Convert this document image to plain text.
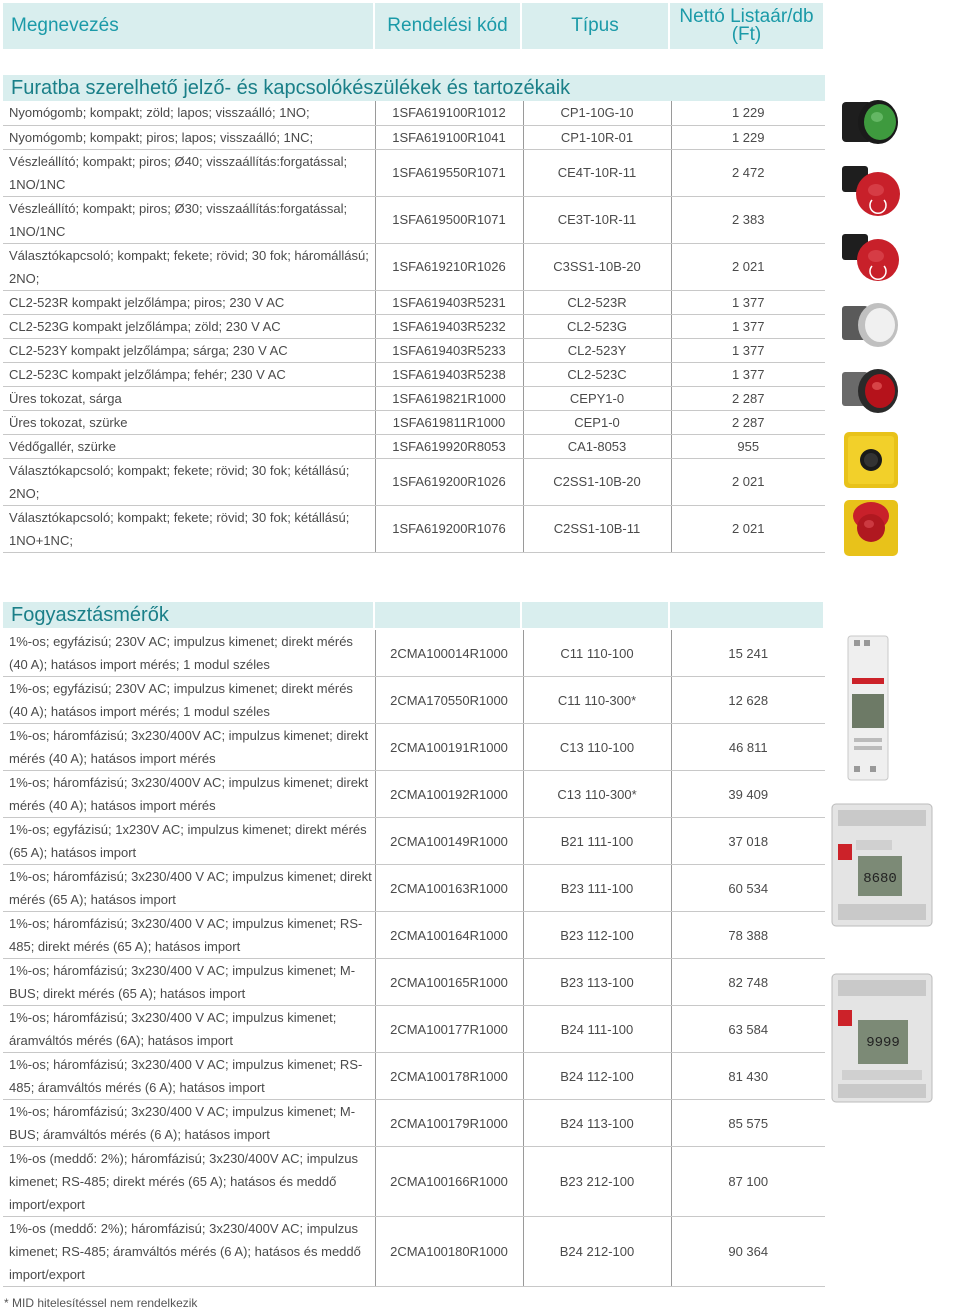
Megnevezés	Rendelési kód	Típus	Nettó Listaár/db (Ft)
Furatba szerelhető jelző- és kapcsolókészülékek és tartozékaik
Nyomógomb; kompakt; zöld; lapos; visszaálló; 1NO;	1SFA619100R1012	CP1-10G-10	1 229
Nyomógomb; kompakt; piros; lapos; visszaálló; 1NC;	1SFA619100R1041	CP1-10R-01	1 229
Vészleállító; kompakt; piros; Ø40; visszaállítás:forgatással; 1NO/1NC	1SFA619550R1071	CE4T-10R-11	2 472
Vészleállító; kompakt; piros; Ø30; visszaállítás:forgatással; 1NO/1NC	1SFA619500R1071	CE3T-10R-11	2 383
Választókapcsoló; kompakt; fekete; rövid; 30 fok; háromállású; 2NO;	1SFA619210R1026	C3SS1-10B-20	2 021
CL2-523R kompakt jelzőlámpa; piros; 230 V AC	1SFA619403R5231	CL2-523R	1 377
CL2-523G kompakt jelzőlámpa; zöld; 230 V AC	1SFA619403R5232	CL2-523G	1 377
CL2-523Y kompakt jelzőlámpa; sárga; 230 V AC	1SFA619403R5233	CL2-523Y	1 377
CL2-523C kompakt jelzőlámpa; fehér; 230 V AC	1SFA619403R5238	CL2-523C	1 377
Üres tokozat, sárga	1SFA619821R1000	CEPY1-0	2 287
Üres tokozat, szürke	1SFA619811R1000	CEP1-0	2 287
Védőgallér, szürke	1SFA619920R8053	CA1-8053	955
Választókapcsoló; kompakt; fekete; rövid; 30 fok; kétállású; 2NO;	1SFA619200R1026	C2SS1-10B-20	2 021
Választókapcsoló; kompakt; fekete; rövid; 30 fok; kétállású; 1NO+1NC;	1SFA619200R1076	C2SS1-10B-11	2 021
Fogyasztásmérők
1%-os; egyfázisú; 230V AC; impulzus kimenet; direkt mérés (40 A); hatásos import mérés; 1 modul széles	2CMA100014R1000	C11 110-100	15 241
1%-os; egyfázisú; 230V AC; impulzus kimenet; direkt mérés (40 A); hatásos import mérés; 1 modul széles	2CMA170550R1000	C11 110-300*	12 628
1%-os; háromfázisú; 3x230/400V AC; impulzus kimenet; direkt mérés (40 A); hatásos import mérés	2CMA100191R1000	C13 110-100	46 811
1%-os; háromfázisú; 3x230/400V AC; impulzus kimenet; direkt mérés (40 A); hatásos import mérés	2CMA100192R1000	C13 110-300*	39 409
1%-os; egyfázisú; 1x230V AC; impulzus kimenet; direkt mérés (65 A); hatásos import	2CMA100149R1000	B21 111-100	37 018
1%-os; háromfázisú; 3x230/400 V AC; impulzus kimenet; direkt mérés (65 A); hatásos import	2CMA100163R1000	B23 111-100	60 534
1%-os; háromfázisú; 3x230/400 V AC; impulzus kimenet; RS-485; direkt mérés (65 A); hatásos import	2CMA100164R1000	B23 112-100	78 388
1%-os; háromfázisú; 3x230/400 V AC; impulzus kimenet; M-BUS; direkt mérés (65 A); hatásos import	2CMA100165R1000	B23 113-100	82 748
1%-os; háromfázisú; 3x230/400 V AC; impulzus kimenet; áramváltós mérés (6A); hatásos import	2CMA100177R1000	B24 111-100	63 584
1%-os; háromfázisú; 3x230/400 V AC; impulzus kimenet; RS-485; áramváltós mérés (6 A); hatásos import	2CMA100178R1000	B24 112-100	81 430
1%-os; háromfázisú; 3x230/400 V AC; impulzus kimenet; M-BUS; áramváltós mérés (6 A); hatásos import	2CMA100179R1000	B24 113-100	85 575
1%-os (meddő: 2%); háromfázisú; 3x230/400V AC; impulzus kimenet; RS-485; direkt mérés (65 A); hatásos és meddő import/export	2CMA100166R1000	B23 212-100	87 100
1%-os (meddő: 2%); háromfázisú; 3x230/400V AC; impulzus kimenet; RS-485; áramváltós mérés (6 A); hatásos és meddő import/export	2CMA100180R1000	B24 212-100	90 364
8680
9999
* MID hitelesítéssel nem rendelkezik
